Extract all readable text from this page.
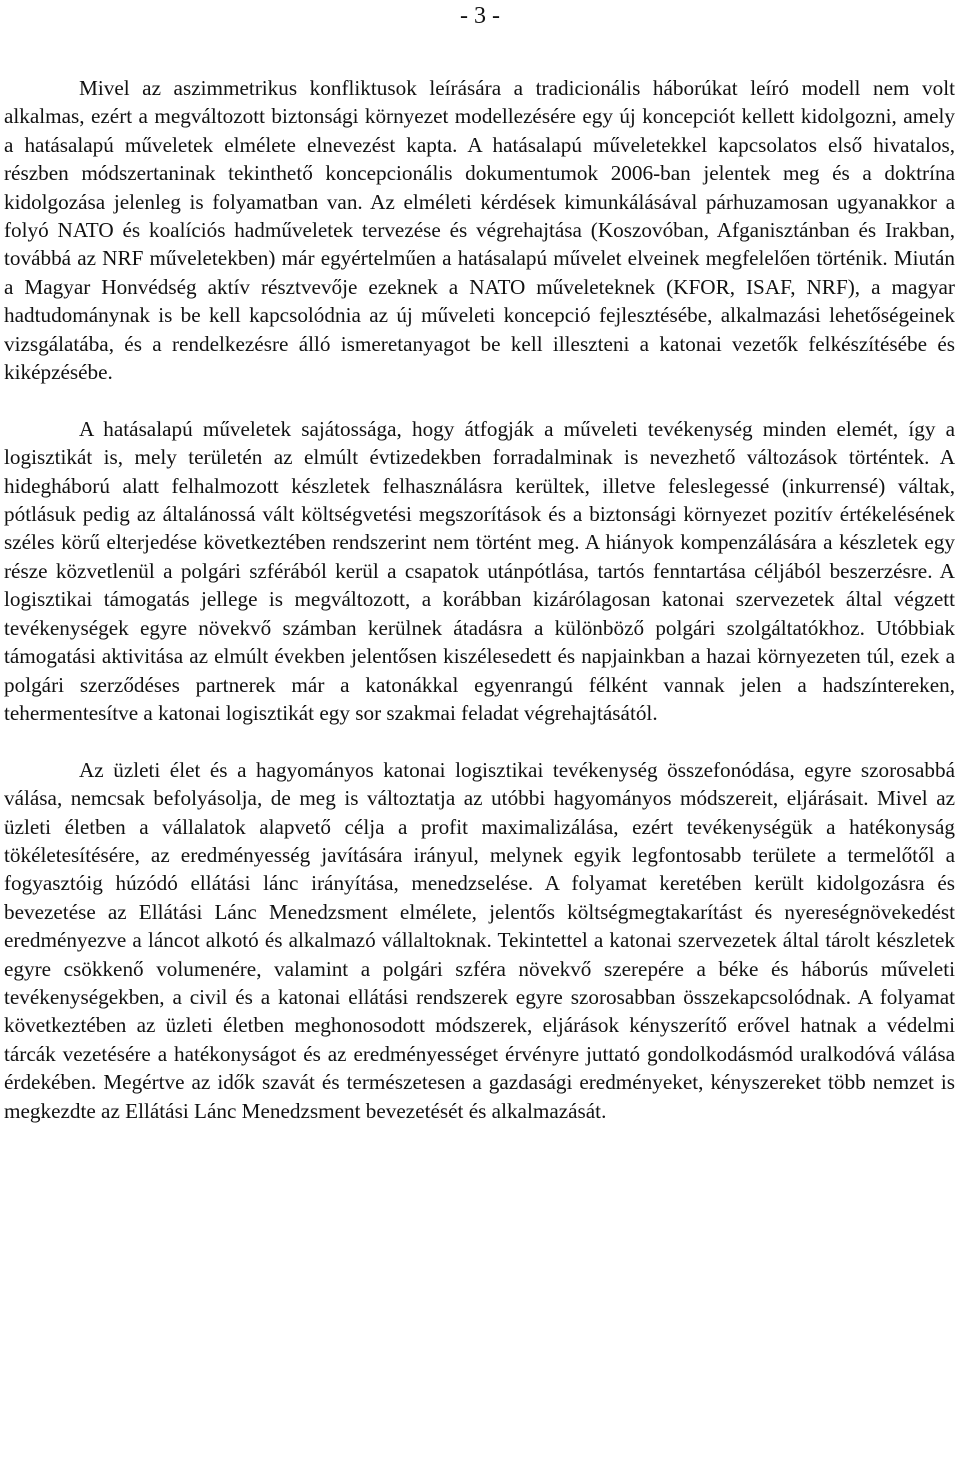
- 3 -

Mivel az aszimmetrikus konfliktusok leírására a tradicionális háborúkat leíró modell nem volt alkalmas, ezért a megváltozott biztonsági környezet modellezésére egy új koncepciót kellett kidolgozni, amely a hatásalapú műveletek elmélete elnevezést kapta. A hatásalapú műveletekkel kapcsolatos első hivatalos, részben módszertaninak tekinthető koncepcionális dokumentumok 2006-ban jelentek meg és a doktrína kidolgozása jelenleg is folyamatban van. Az elméleti kérdések kimunkálásával párhuzamosan ugyanakkor a folyó NATO és koalíciós hadműveletek tervezése és végrehajtása (Koszovóban, Afganisztánban és Irakban, továbbá az NRF műveletekben) már egyértelműen a hatásalapú művelet elveinek megfelelően történik. Miután a Magyar Honvédség aktív résztvevője ezeknek a NATO műveleteknek (KFOR, ISAF, NRF), a magyar hadtudománynak is be kell kapcsolódnia az új műveleti koncepció fejlesztésébe, alkalmazási lehetőségeinek vizsgálatába, és a rendelkezésre álló ismeretanyagot be kell illeszteni a katonai vezetők felkészítésébe és kiképzésébe.

A hatásalapú műveletek sajátossága, hogy átfogják a műveleti tevékenység minden elemét, így a logisztikát is, mely területén az elmúlt évtizedekben forradalminak is nevezhető változások történtek. A hidegháború alatt felhalmozott készletek felhasználásra kerültek, illetve feleslegessé (inkurrensé) váltak, pótlásuk pedig az általánossá vált költségvetési megszorítások és a biztonsági környezet pozitív értékelésének széles körű elterjedése következtében rendszerint nem történt meg. A hiányok kompenzálására a készletek egy része közvetlenül a polgári szférából kerül a csapatok utánpótlása, tartós fenntartása céljából beszerzésre. A logisztikai támogatás jellege is megváltozott, a korábban kizárólagosan katonai szervezetek által végzett tevékenységek egyre növekvő számban kerülnek átadásra a különböző polgári szolgáltatókhoz. Utóbbiak támogatási aktivitása az elmúlt években jelentősen kiszélesedett és napjainkban a hazai környezeten túl, ezek a polgári szerződéses partnerek már a katonákkal egyenrangú félként vannak jelen a hadszíntereken, tehermentesítve a katonai logisztikát egy sor szakmai feladat végrehajtásától.

Az üzleti élet és a hagyományos katonai logisztikai tevékenység összefonódása, egyre szorosabbá válása, nemcsak befolyásolja, de meg is változtatja az utóbbi hagyományos módszereit, eljárásait. Mivel az üzleti életben a vállalatok alapvető célja a profit maximalizálása, ezért tevékenységük a hatékonyság tökéletesítésére, az eredményesség javítására irányul, melynek egyik legfontosabb területe a termelőtől a fogyasztóig húzódó ellátási lánc irányítása, menedzselése. A folyamat keretében került kidolgozásra és bevezetése az Ellátási Lánc Menedzsment elmélete, jelentős költségmegtakarítást és nyereségnövekedést eredményezve a láncot alkotó és alkalmazó vállaltoknak. Tekintettel a katonai szervezetek által tárolt készletek egyre csökkenő volumenére, valamint a polgári szféra növekvő szerepére a béke és háborús műveleti tevékenységekben, a civil és a katonai ellátási rendszerek egyre szorosabban összekapcsolódnak. A folyamat következtében az üzleti életben meghonosodott módszerek, eljárások kényszerítő erővel hatnak a védelmi tárcák vezetésére a hatékonyságot és az eredményességet érvényre juttató gondolkodásmód uralkodóvá válása érdekében. Megértve az idők szavát és természetesen a gazdasági eredményeket, kényszereket több nemzet is megkezdte az Ellátási Lánc Menedzsment bevezetését és alkalmazását.
